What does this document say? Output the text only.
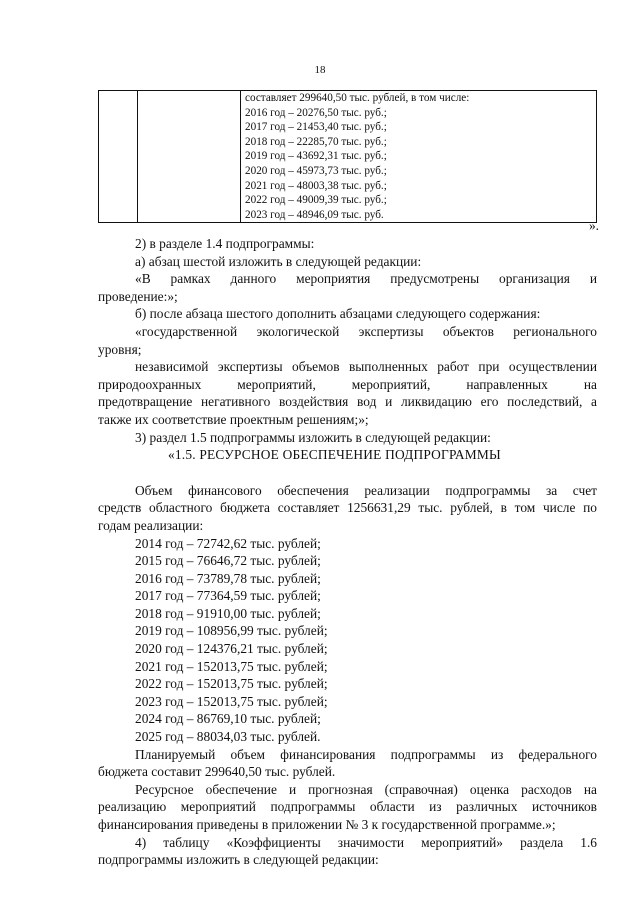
18

составляет 299640,50 тыс. рублей, в том числе:
2016 год – 20276,50 тыс. руб.;
2017 год – 21453,40 тыс. руб.;
2018 год – 22285,70 тыс. руб.;
2019 год – 43692,31 тыс. руб.;
2020 год – 45973,73 тыс. руб.;
2021 год – 48003,38 тыс. руб.;
2022 год – 49009,39 тыс. руб.;
2023 год – 48946,09 тыс. руб.
».

2) в разделе 1.4 подпрограммы:

а) абзац шестой изложить в следующей редакции:

«В рамках данного мероприятия предусмотрены организация и

проведение:»;

б) после абзаца шестого дополнить абзацами следующего содержания:

«государственной экологической экспертизы объектов регионального

уровня;

независимой экспертизы объемов выполненных работ при осуществлении

природоохранных мероприятий, мероприятий, направленных на

предотвращение негативного воздействия вод и ликвидацию его последствий, а

также их соответствие проектным решениям;»;

3) раздел 1.5 подпрограммы изложить в следующей редакции:

«1.5. РЕСУРСНОЕ ОБЕСПЕЧЕНИЕ ПОДПРОГРАММЫ

Объем финансового обеспечения реализации подпрограммы за счет

средств областного бюджета составляет 1256631,29 тыс. рублей, в том числе по

годам реализации:

2014 год – 72742,62 тыс. рублей;

2015 год – 76646,72 тыс. рублей;

2016 год – 73789,78 тыс. рублей;

2017 год – 77364,59 тыс. рублей;

2018 год – 91910,00 тыс. рублей;

2019 год – 108956,99 тыс. рублей;

2020 год – 124376,21 тыс. рублей;

2021 год – 152013,75 тыс. рублей;

2022 год – 152013,75 тыс. рублей;

2023 год – 152013,75 тыс. рублей;

2024 год – 86769,10 тыс. рублей;

2025 год – 88034,03 тыс. рублей.

Планируемый объем финансирования подпрограммы из федерального

бюджета составит 299640,50 тыс. рублей.

Ресурсное обеспечение и прогнозная (справочная) оценка расходов на

реализацию мероприятий подпрограммы области из различных источников

финансирования приведены в приложении № 3 к государственной программе.»;

4) таблицу «Коэффициенты значимости мероприятий» раздела 1.6

подпрограммы изложить в следующей редакции:
